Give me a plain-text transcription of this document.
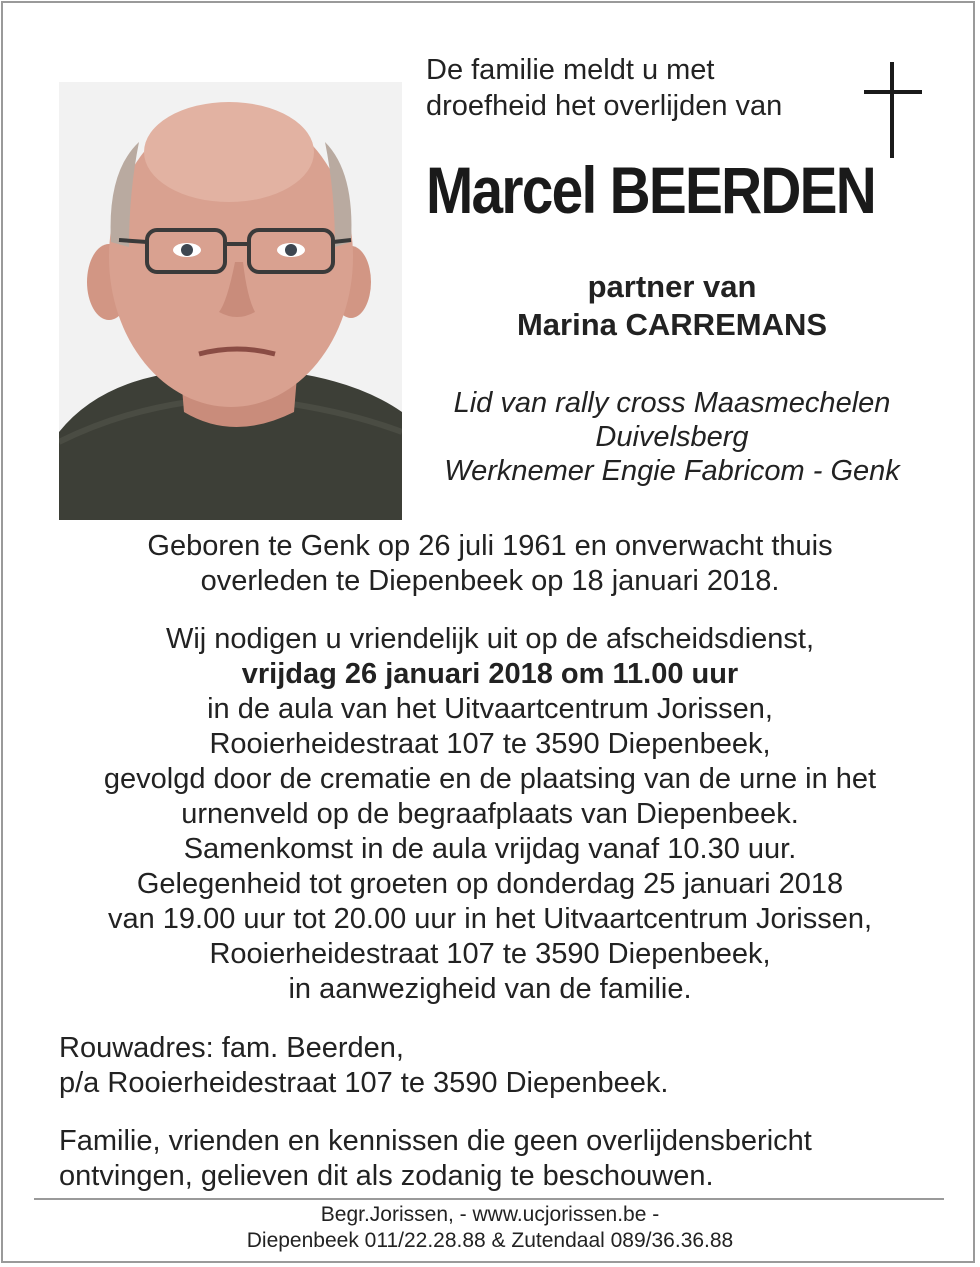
De familie meldt u met
droefheid het overlijden van
Marcel BEERDEN
partner van
Marina CARREMANS
Lid van rally cross Maasmechelen
Duivelsberg
Werknemer Engie Fabricom - Genk
Geboren te Genk op 26 juli 1961 en onverwacht thuis
overleden te Diepenbeek op 18 januari 2018.
Wij nodigen u vriendelijk uit op de afscheidsdienst,
vrijdag 26 januari 2018 om 11.00 uur
in de aula van het Uitvaartcentrum Jorissen,
Rooierheidestraat 107 te 3590 Diepenbeek,
gevolgd door de crematie en de plaatsing van de urne in het
urnenveld op de begraafplaats van Diepenbeek.
Samenkomst in de aula vrijdag vanaf 10.30 uur.
Gelegenheid tot groeten op donderdag 25 januari 2018
van 19.00 uur tot 20.00 uur in het Uitvaartcentrum Jorissen,
Rooierheidestraat 107 te 3590 Diepenbeek,
in aanwezigheid van de familie.
Rouwadres: fam. Beerden,
p/a Rooierheidestraat 107 te 3590 Diepenbeek.
Familie, vrienden en kennissen die geen overlijdensbericht
ontvingen, gelieven dit als zodanig te beschouwen.
Begr.Jorissen, - www.ucjorissen.be -
Diepenbeek 011/22.28.88 & Zutendaal 089/36.36.88
